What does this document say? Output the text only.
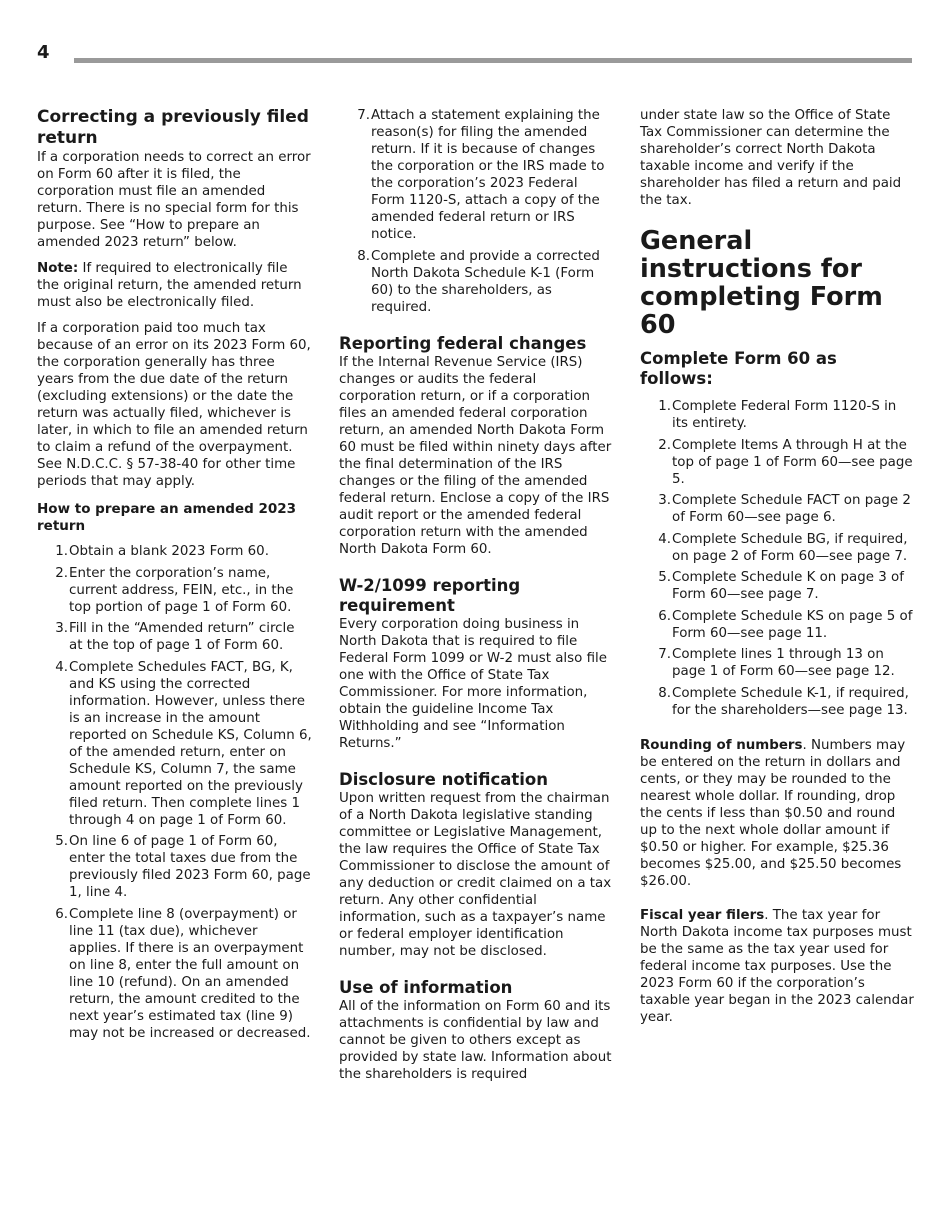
4
Correcting a previously filed return

If a corporation needs to correct an error on Form 60 after it is filed, the corporation must file an amended return. There is no special form for this purpose. See “How to prepare an amended 2023 return” below.

Note: If required to electronically file the original return, the amended return must also be electronically filed.

If a corporation paid too much tax because of an error on its 2023 Form 60, the corporation generally has three years from the due date of the return (excluding extensions) or the date the return was actually filed, whichever is later, in which to file an amended return to claim a refund of the overpayment. See N.D.C.C. § 57-38-40 for other time periods that may apply.

How to prepare an amended 2023 return
1. Obtain a blank 2023 Form 60.
2. Enter the corporation’s name, current address, FEIN, etc., in the top portion of page 1 of Form 60.
3. Fill in the “Amended return” circle at the top of page 1 of Form 60.
4. Complete Schedules FACT, BG, K, and KS using the corrected information. However, unless there is an increase in the amount reported on Schedule KS, Column 6, of the amended return, enter on Schedule KS, Column 7, the same amount reported on the previously filed return. Then complete lines 1 through 4 on page 1 of Form 60.
5. On line 6 of page 1 of Form 60, enter the total taxes due from the previously filed 2023 Form 60, page 1, line 4.
6. Complete line 8 (overpayment) or line 11 (tax due), whichever applies. If there is an overpayment on line 8, enter the full amount on line 10 (refund). On an amended return, the amount credited to the next year’s estimated tax (line 9) may not be increased or decreased.
7. Attach a statement explaining the reason(s) for filing the amended return. If it is because of changes the corporation or the IRS made to the corporation’s 2023 Federal Form 1120-S, attach a copy of the amended federal return or IRS notice.
8. Complete and provide a corrected North Dakota Schedule K-1 (Form 60) to the shareholders, as required.
Reporting federal changes

If the Internal Revenue Service (IRS) changes or audits the federal corporation return, or if a corporation files an amended federal corporation return, an amended North Dakota Form 60 must be filed within ninety days after the final determination of the IRS changes or the filing of the amended federal return. Enclose a copy of the IRS audit report or the amended federal corporation return with the amended North Dakota Form 60.

W-2/1099 reporting requirement

Every corporation doing business in North Dakota that is required to file Federal Form 1099 or W-2 must also file one with the Office of State Tax Commissioner. For more information, obtain the guideline Income Tax Withholding and see “Information Returns.”

Disclosure notification

Upon written request from the chairman of a North Dakota legislative standing committee or Legislative Management, the law requires the Office of State Tax Commissioner to disclose the amount of any deduction or credit claimed on a tax return. Any other confidential information, such as a taxpayer’s name or federal employer identification number, may not be disclosed.

Use of information

All of the information on Form 60 and its attachments is confidential by law and cannot be given to others except as provided by state law. Information about the shareholders is required

under state law so the Office of State Tax Commissioner can determine the shareholder’s correct North Dakota taxable income and verify if the shareholder has filed a return and paid the tax.

General instructions for completing Form 60
Complete Form 60 as follows:
1. Complete Federal Form 1120-S in its entirety.
2. Complete Items A through H at the top of page 1 of Form 60—see page 5.
3. Complete Schedule FACT on page 2 of Form 60—see page 6.
4. Complete Schedule BG, if required, on page 2 of Form 60—see page 7.
5. Complete Schedule K on page 3 of Form 60—see page 7.
6. Complete Schedule KS on page 5 of Form 60—see page 11.
7. Complete lines 1 through 13 on page 1 of Form 60—see page 12.
8. Complete Schedule K-1, if required, for the shareholders—see page 13.

Rounding of numbers. Numbers may be entered on the return in dollars and cents, or they may be rounded to the nearest whole dollar. If rounding, drop the cents if less than $0.50 and round up to the next whole dollar amount if $0.50 or higher. For example, $25.36 becomes $25.00, and $25.50 becomes $26.00.

Fiscal year filers. The tax year for North Dakota income tax purposes must be the same as the tax year used for federal income tax purposes. Use the 2023 Form 60 if the corporation’s taxable year began in the 2023 calendar year.
